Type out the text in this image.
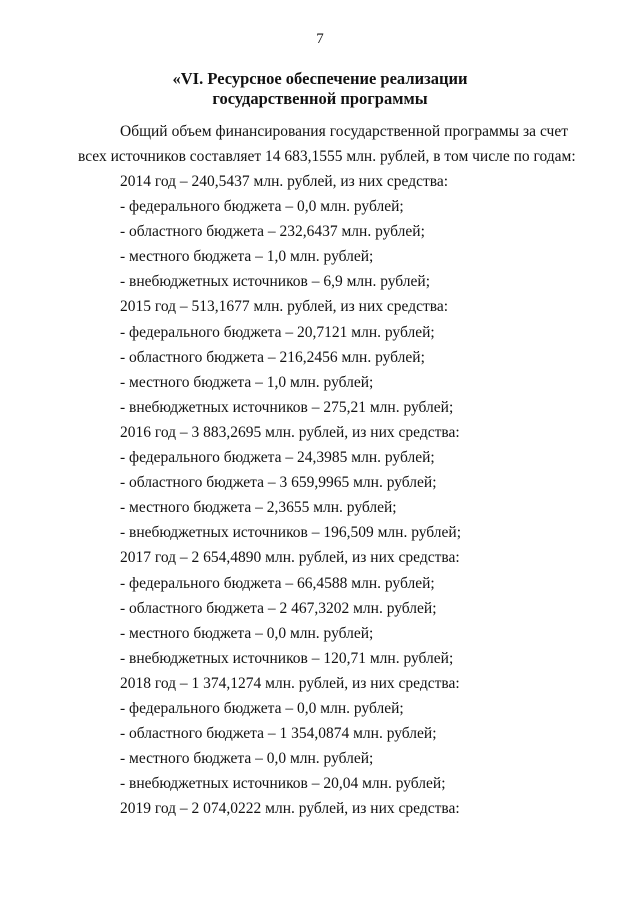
7
«VI. Ресурсное обеспечение реализации
государственной программы
Общий объем финансирования государственной программы за счет
всех источников составляет 14 683,1555 млн. рублей, в том числе по годам:
2014 год – 240,5437 млн. рублей, из них средства:
- федерального бюджета – 0,0 млн. рублей;
- областного бюджета – 232,6437 млн. рублей;
- местного бюджета – 1,0 млн. рублей;
- внебюджетных источников – 6,9 млн. рублей;
2015 год – 513,1677 млн. рублей, из них средства:
- федерального бюджета – 20,7121 млн. рублей;
- областного бюджета – 216,2456 млн. рублей;
- местного бюджета – 1,0 млн. рублей;
- внебюджетных источников – 275,21 млн. рублей;
2016 год – 3 883,2695 млн. рублей, из них средства:
- федерального бюджета – 24,3985 млн. рублей;
- областного бюджета – 3 659,9965 млн. рублей;
- местного бюджета – 2,3655 млн. рублей;
- внебюджетных источников – 196,509 млн. рублей;
2017 год – 2 654,4890 млн. рублей, из них средства:
- федерального бюджета – 66,4588 млн. рублей;
- областного бюджета – 2 467,3202 млн. рублей;
- местного бюджета – 0,0 млн. рублей;
- внебюджетных источников – 120,71 млн. рублей;
2018 год – 1 374,1274 млн. рублей, из них средства:
- федерального бюджета – 0,0 млн. рублей;
- областного бюджета – 1 354,0874 млн. рублей;
- местного бюджета – 0,0 млн. рублей;
- внебюджетных источников – 20,04 млн. рублей;
2019 год – 2 074,0222 млн. рублей, из них средства:
